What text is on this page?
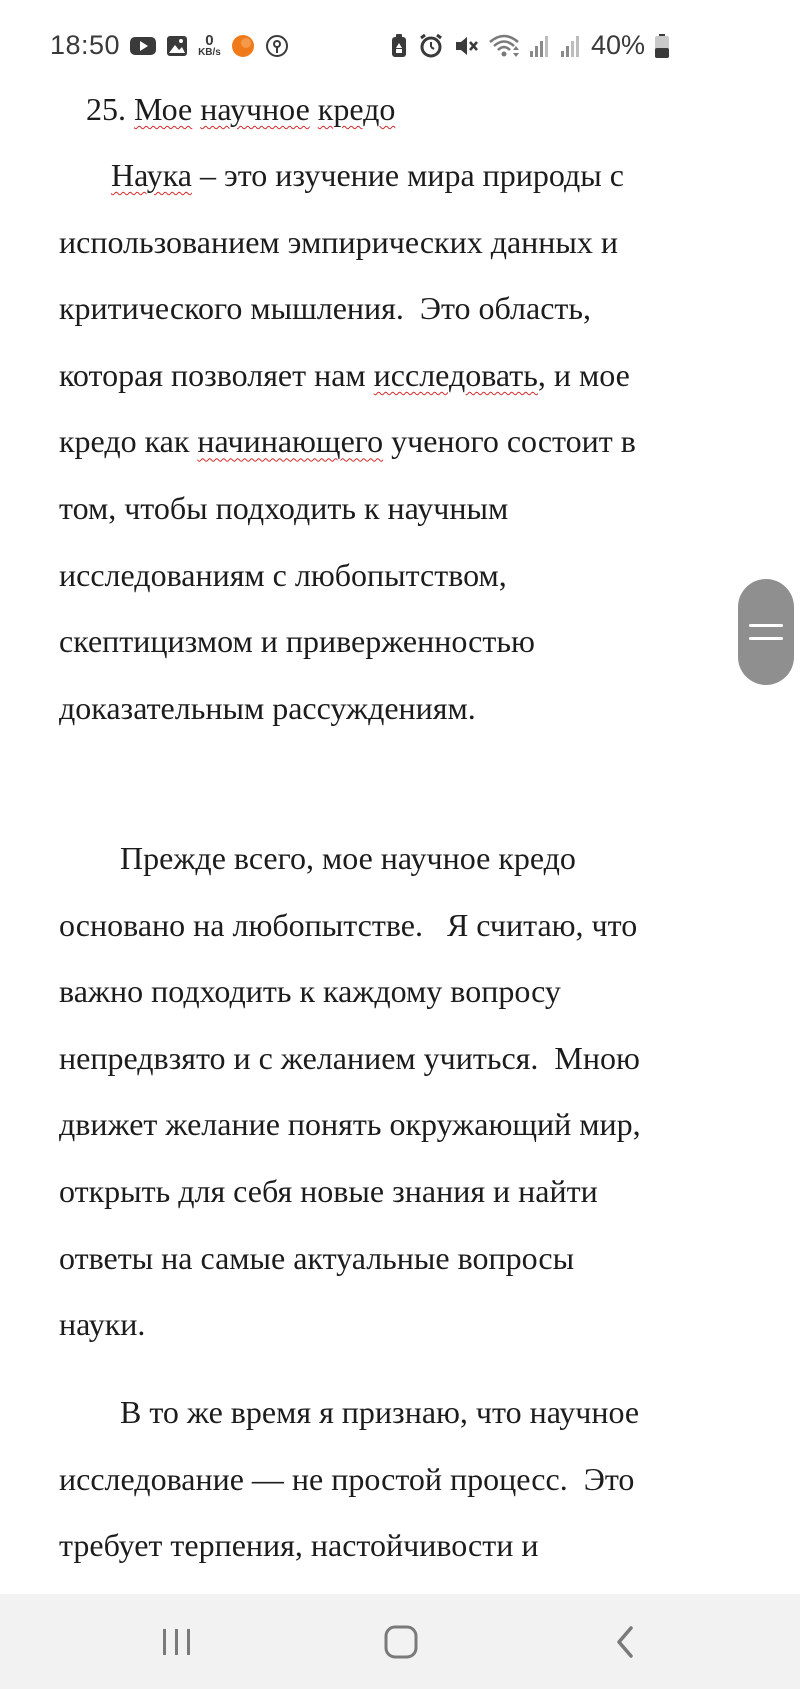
18:50	0
KB/s	40%
25. Мое научное кредо

Наука – это изучение мира природы с
использованием эмпирических данных и
критического мышления.  Это область,
которая позволяет нам исследовать, и мое
кредо как начинающего ученого состоит в
том, чтобы подходить к научным
исследованиям с любопытством,
скептицизмом и приверженностью
доказательным рассуждениям.

Прежде всего, мое научное кредо
основано на любопытстве.   Я считаю, что
важно подходить к каждому вопросу
непредвзято и с желанием учиться.  Мною
движет желание понять окружающий мир,
открыть для себя новые знания и найти
ответы на самые актуальные вопросы
науки.

В то же время я признаю, что научное
исследование — не простой процесс.  Это
требует терпения, настойчивости и
